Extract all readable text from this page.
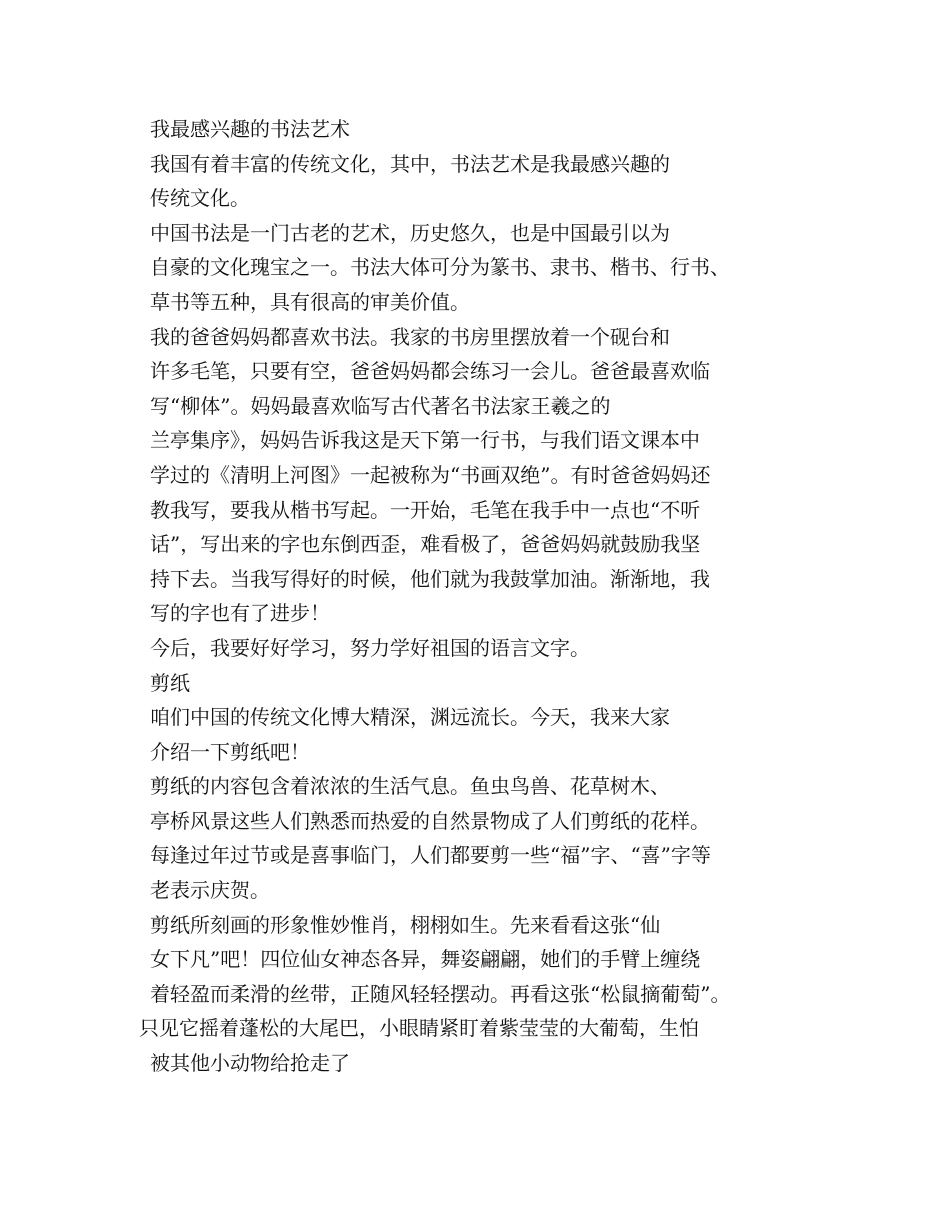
我最感兴趣的书法艺术
我国有着丰富的传统文化，其中，书法艺术是我最感兴趣的
传统文化。
中国书法是一门古老的艺术，历史悠久，也是中国最引以为
自豪的文化瑰宝之一。书法大体可分为篆书、隶书、楷书、行书、
草书等五种，具有很高的审美价值。
我的爸爸妈妈都喜欢书法。我家的书房里摆放着一个砚台和
许多毛笔，只要有空，爸爸妈妈都会练习一会儿。爸爸最喜欢临
写“柳体”。妈妈最喜欢临写古代著名书法家王羲之的
兰亭集序》，妈妈告诉我这是天下第一行书，与我们语文课本中
学过的《清明上河图》一起被称为“书画双绝”。有时爸爸妈妈还
教我写，要我从楷书写起。一开始，毛笔在我手中一点也“不听
话”，写出来的字也东倒西歪，难看极了，爸爸妈妈就鼓励我坚
持下去。当我写得好的时候，他们就为我鼓掌加油。渐渐地，我
写的字也有了进步！
今后，我要好好学习，努力学好祖国的语言文字。
剪纸
咱们中国的传统文化博大精深，渊远流长。今天，我来大家
介绍一下剪纸吧！
剪纸的内容包含着浓浓的生活气息。鱼虫鸟兽、花草树木、
亭桥风景这些人们熟悉而热爱的自然景物成了人们剪纸的花样。
每逢过年过节或是喜事临门，人们都要剪一些“福”字、“喜”字等
老表示庆贺。
剪纸所刻画的形象惟妙惟肖，栩栩如生。先来看看这张“仙
女下凡”吧！四位仙女神态各异，舞姿翩翩，她们的手臂上缠绕
着轻盈而柔滑的丝带，正随风轻轻摆动。再看这张“松鼠摘葡萄”。
只见它摇着蓬松的大尾巴，小眼睛紧盯着紫莹莹的大葡萄，生怕
被其他小动物给抢走了
